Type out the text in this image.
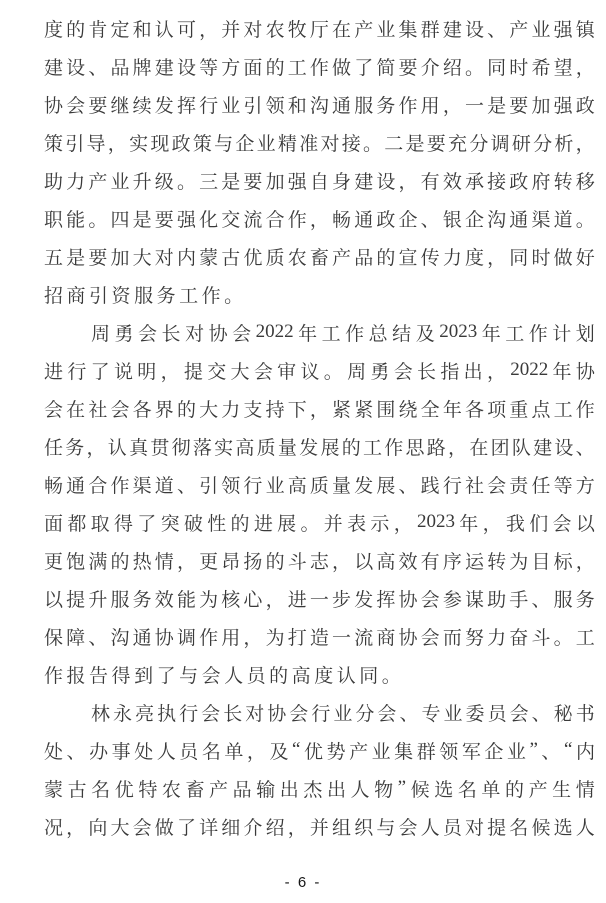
度 的 肯 定 和 认 可 ， 并 对 农 牧 厅 在 产 业 集 群 建 设 、 产 业 强 镇
建 设 、 品 牌 建 设 等 方 面 的 工 作 做 了 简 要 介 绍 。 同 时 希 望 ，
协 会 要 继 续 发 挥 行 业 引 领 和 沟 通 服 务 作 用 ， 一 是 要 加 强 政
策 引 导 ， 实 现 政 策 与 企 业 精 准 对 接 。 二 是 要 充 分 调 研 分 析 ，
助 力 产 业 升 级 。 三 是 要 加 强 自 身 建 设 ， 有 效 承 接 政 府 转 移
职 能 。 四 是 要 强 化 交 流 合 作 ， 畅 通 政 企 、 银 企 沟 通 渠 道 。
五 是 要 加 大 对 内 蒙 古 优 质 农 畜 产 品 的 宣 传 力 度 ， 同 时 做 好
招 商 引 资 服 务 工 作 。
周 勇 会 长 对 协 会 2022 年 工 作 总 结 及 2023 年 工 作 计 划
进 行 了 说 明 ， 提 交 大 会 审 议 。 周 勇 会 长 指 出 ， 2022 年 协
会 在 社 会 各 界 的 大 力 支 持 下 ， 紧 紧 围 绕 全 年 各 项 重 点 工 作
任 务 ， 认 真 贯 彻 落 实 高 质 量 发 展 的 工 作 思 路 ， 在 团 队 建 设 、
畅 通 合 作 渠 道 、 引 领 行 业 高 质 量 发 展 、 践 行 社 会 责 任 等 方
面 都 取 得 了 突 破 性 的 进 展 。 并 表 示 ， 2023 年 ， 我 们 会 以
更 饱 满 的 热 情 ， 更 昂 扬 的 斗 志 ， 以 高 效 有 序 运 转 为 目 标 ，
以 提 升 服 务 效 能 为 核 心 ， 进 一 步 发 挥 协 会 参 谋 助 手 、 服 务
保 障 、 沟 通 协 调 作 用 ， 为 打 造 一 流 商 协 会 而 努 力 奋 斗 。 工
作 报 告 得 到 了 与 会 人 员 的 高 度 认 同 。
林 永 亮 执 行 会 长 对 协 会 行 业 分 会 、 专 业 委 员 会 、 秘 书
处 、 办 事 处 人 员 名 单 ， 及 “ 优 势 产 业 集 群 领 军 企 业 ” 、 “ 内
蒙 古 名 优 特 农 畜 产 品 输 出 杰 出 人 物 ” 候 选 名 单 的 产 生 情
况 ， 向 大 会 做 了 详 细 介 绍 ， 并 组 织 与 会 人 员 对 提 名 候 选 人
- 6 -
